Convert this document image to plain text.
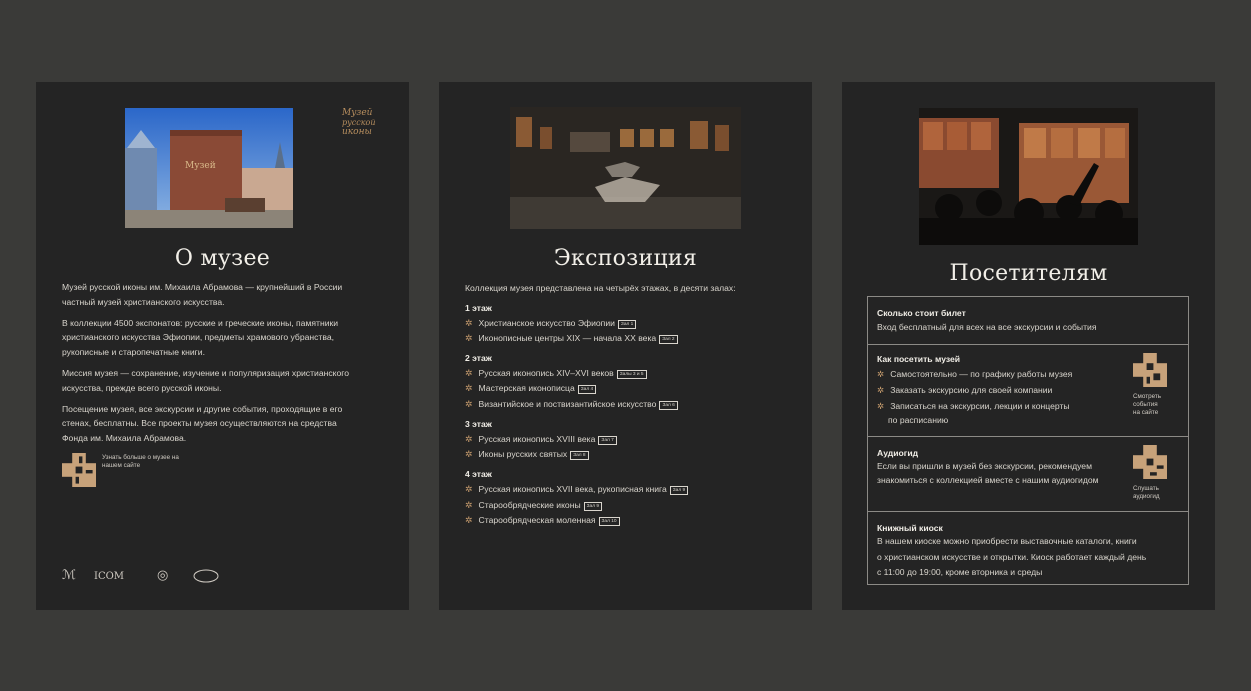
Музей
Музей
русской
иконы
О музее

Музей русской иконы им. Михаила Абрамова — крупнейший в России частный музей христианского искусства.

В коллекции 4500 экспонатов: русские и греческие иконы, памятники христианского искусства Эфиопии, предметы храмового убранства, рукописные и старопечатные книги.

Миссия музея — сохранение, изучение и популяризация христианского искусства, прежде всего русской иконы.

Посещение музея, все экскурсии и другие события, проходящие в его стенах, бесплатны. Все проекты музея осуществляются на средства Фонда им. Михаила Абрамова.

Узнать больше о музее на нашем сайте
ℳ ICOM	◎
Экспозиция
Коллекция музея представлена на четырёх этажах, в десяти залах:
1 этаж
✲ Христианское искусство Эфиопии Зал 1
✲ Иконописные центры XIX — начала XX века Зал 2
2 этаж
✲ Русская иконопись XIV–XVI веков Залы 3 и 5
✲ Мастерская иконописца Зал 4
✲ Византийское и поствизантийское искусство Зал 6
3 этаж
✲ Русская иконопись XVIII века Зал 7
✲ Иконы русских святых Зал 8
4 этаж
✲ Русская иконопись XVII века, рукописная книга Зал 9
✲ Старообрядческие иконы Зал 9
✲ Старообрядческая моленная Зал 10
Посетителям
Сколько стоит билет
Вход бесплатный для всех на все экскурсии и события
Как посетить музей
✲ Самостоятельно — по графику работы музея
✲ Заказать экскурсию для своей компании
✲ Записаться на экскурсии, лекции и концерты
по расписанию
Смотреть
события
на сайте
Аудиогид
Если вы пришли в музей без экскурсии, рекомендуем
знакомиться с коллекцией вместе с нашим аудиогидом
Слушать
аудиогид
Книжный киоск
В нашем киоске можно приобрести выставочные каталоги, книги
о христианском искусстве и открытки. Киоск работает каждый день
с 11:00 до 19:00, кроме вторника и среды
